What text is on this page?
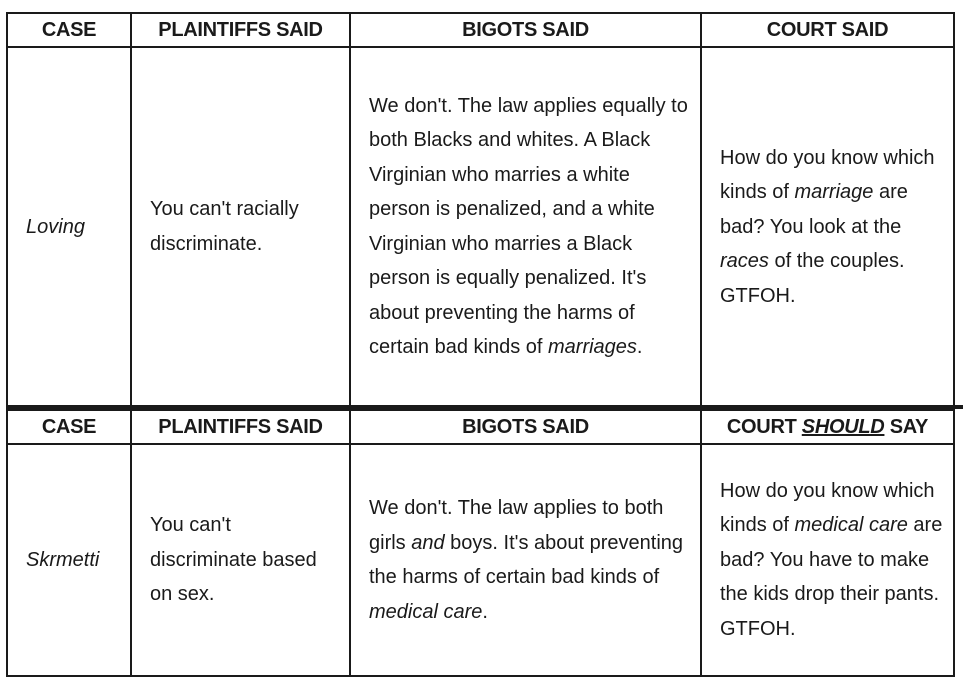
CASE	PLAINTIFFS SAID	BIGOTS SAID	COURT SAID
Loving	You can't racially discriminate.	We don't. The law applies equally to both Blacks and whites. A Black Virginian who marries a white person is penalized, and a white Virginian who marries a Black person is equally penalized. It's about preventing the harms of certain bad kinds of marriages.	How do you know which kinds of marriage are bad? You look at the races of the couples. GTFOH.
CASE	PLAINTIFFS SAID	BIGOTS SAID	COURT SHOULD SAY
Skrmetti	You can't discriminate based on sex.	We don't. The law applies to both girls and boys. It's about preventing the harms of certain bad kinds of medical care.	How do you know which kinds of medical care are bad? You have to make the kids drop their pants. GTFOH.
